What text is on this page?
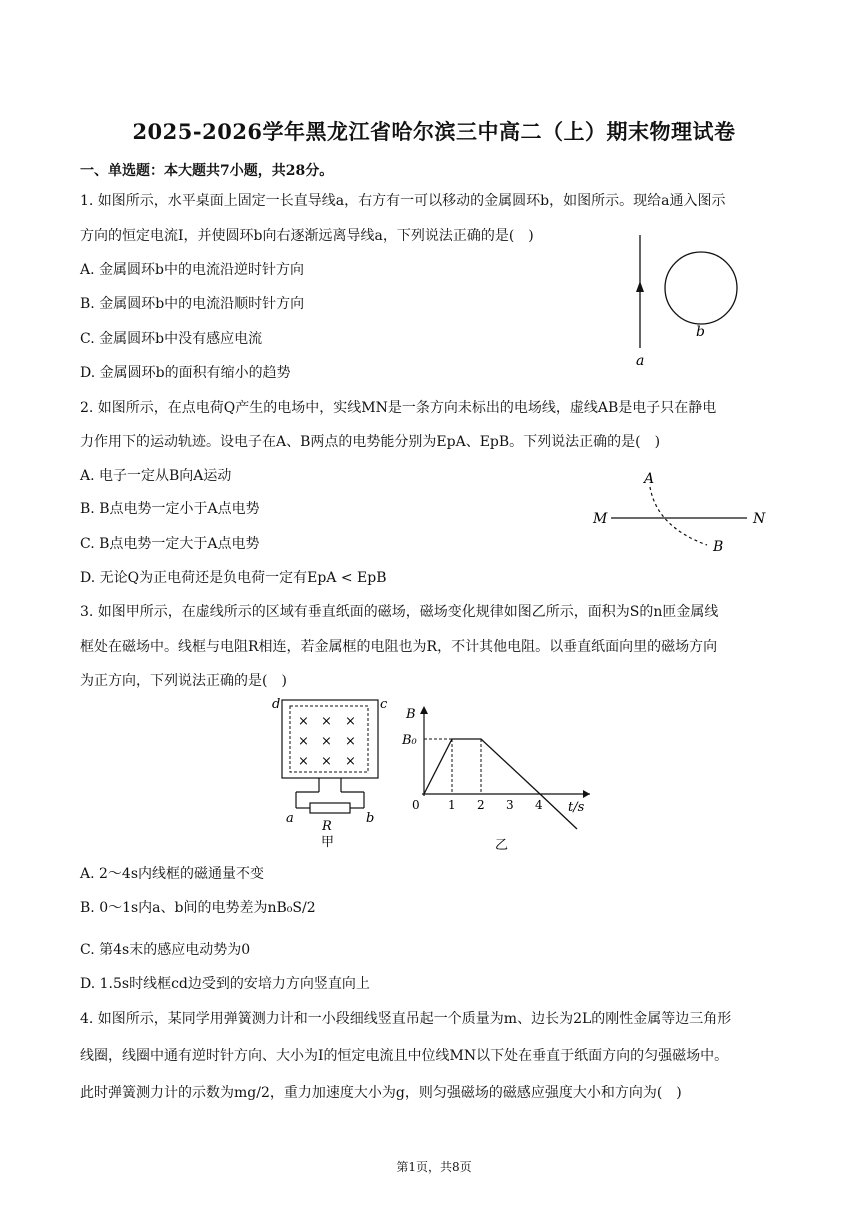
2025-2026学年黑龙江省哈尔滨三中高二（上）期末物理试卷
一、单选题：本大题共7小题，共28分。
1. 如图所示，水平桌面上固定一长直导线a，右方有一可以移动的金属圆环b，如图所示。现给a通入图示
方向的恒定电流I，并使圆环b向右逐渐远离导线a，下列说法正确的是(　)
A. 金属圆环b中的电流沿逆时针方向
B. 金属圆环b中的电流沿顺时针方向
C. 金属圆环b中没有感应电流
D. 金属圆环b的面积有缩小的趋势
b
a
2. 如图所示，在点电荷Q产生的电场中，实线MN是一条方向未标出的电场线，虚线AB是电子只在静电
力作用下的运动轨迹。设电子在A、B两点的电势能分别为EpA、EpB。下列说法正确的是(　)
A. 电子一定从B向A运动
B. B点电势一定小于A点电势
C. B点电势一定大于A点电势
D. 无论Q为正电荷还是负电荷一定有EpA < EpB
A
B
M	N
3. 如图甲所示，在虚线所示的区域有垂直纸面的磁场，磁场变化规律如图乙所示，面积为S的n匝金属线
框处在磁场中。线框与电阻R相连，若金属框的电阻也为R，不计其他电阻。以垂直纸面向里的磁场方向
为正方向，下列说法正确的是(　)
× × ×
× × ×
× × ×
d	c
a	b
R
甲
B
B₀
t/s
0 1 2 3 4
乙
A. 2～4s内线框的磁通量不变
B. 0～1s内a、b间的电势差为nB₀S/2
C. 第4s末的感应电动势为0
D. 1.5s时线框cd边受到的安培力方向竖直向上
4. 如图所示，某同学用弹簧测力计和一小段细线竖直吊起一个质量为m、边长为2L的刚性金属等边三角形
线圈，线圈中通有逆时针方向、大小为I的恒定电流且中位线MN以下处在垂直于纸面方向的匀强磁场中。
此时弹簧测力计的示数为mg/2，重力加速度大小为g，则匀强磁场的磁感应强度大小和方向为(　)
第1页，共8页
